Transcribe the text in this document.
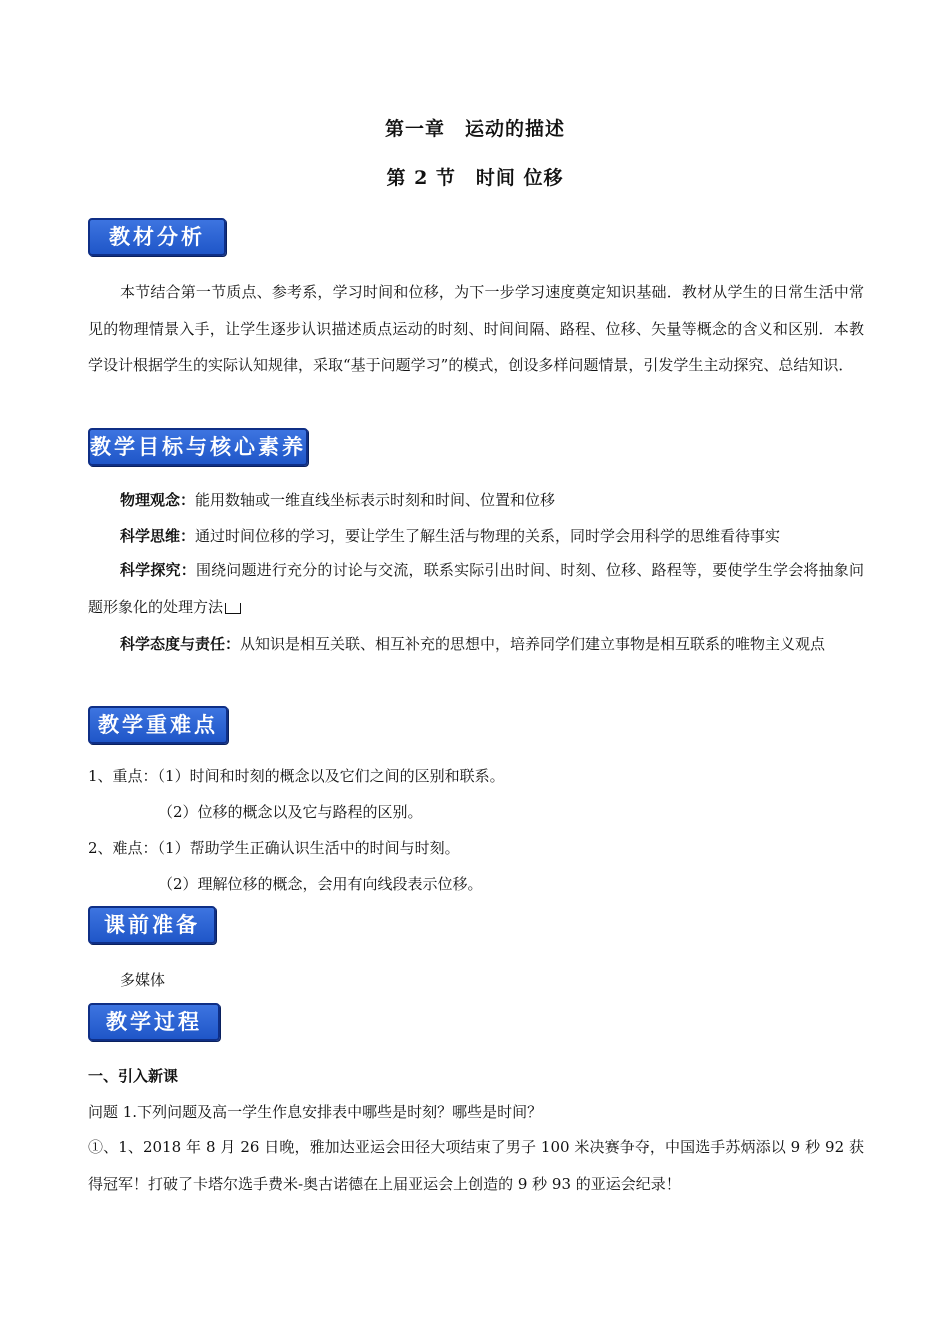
第一章　运动的描述
第 2 节　时间 位移
教材分析
本节结合第一节质点、参考系，学习时间和位移，为下一步学习速度奠定知识基础．教材从学生的日常生活中常见的物理情景入手，让学生逐步认识描述质点运动的时刻、时间间隔、路程、位移、矢量等概念的含义和区别．本教学设计根据学生的实际认知规律，采取“基于问题学习”的模式，创设多样问题情景，引发学生主动探究、总结知识．
教学目标与核心素养
物理观念：能用数轴或一维直线坐标表示时刻和时间、位置和位移
科学思维：通过时间位移的学习，要让学生了解生活与物理的关系，同时学会用科学的思维看待事实
科学探究：围绕问题进行充分的讨论与交流，联系实际引出时间、时刻、位移、路程等，要使学生学会将抽象问题形象化的处理方法
科学态度与责任：从知识是相互关联、相互补充的思想中，培养同学们建立事物是相互联系的唯物主义观点
教学重难点
1、重点：（1）时间和时刻的概念以及它们之间的区别和联系。
（2）位移的概念以及它与路程的区别。
2、难点：（1）帮助学生正确认识生活中的时间与时刻。
（2）理解位移的概念，会用有向线段表示位移。
课前准备
多媒体
教学过程
一、引入新课
问题 1.下列问题及高一学生作息安排表中哪些是时刻？哪些是时间？
①、1、2018 年 8 月 26 日晚，雅加达亚运会田径大项结束了男子 100 米决赛争夺，中国选手苏炳添以 9 秒 92 获得冠军！打破了卡塔尔选手费米-奥古诺德在上届亚运会上创造的 9 秒 93 的亚运会纪录！
